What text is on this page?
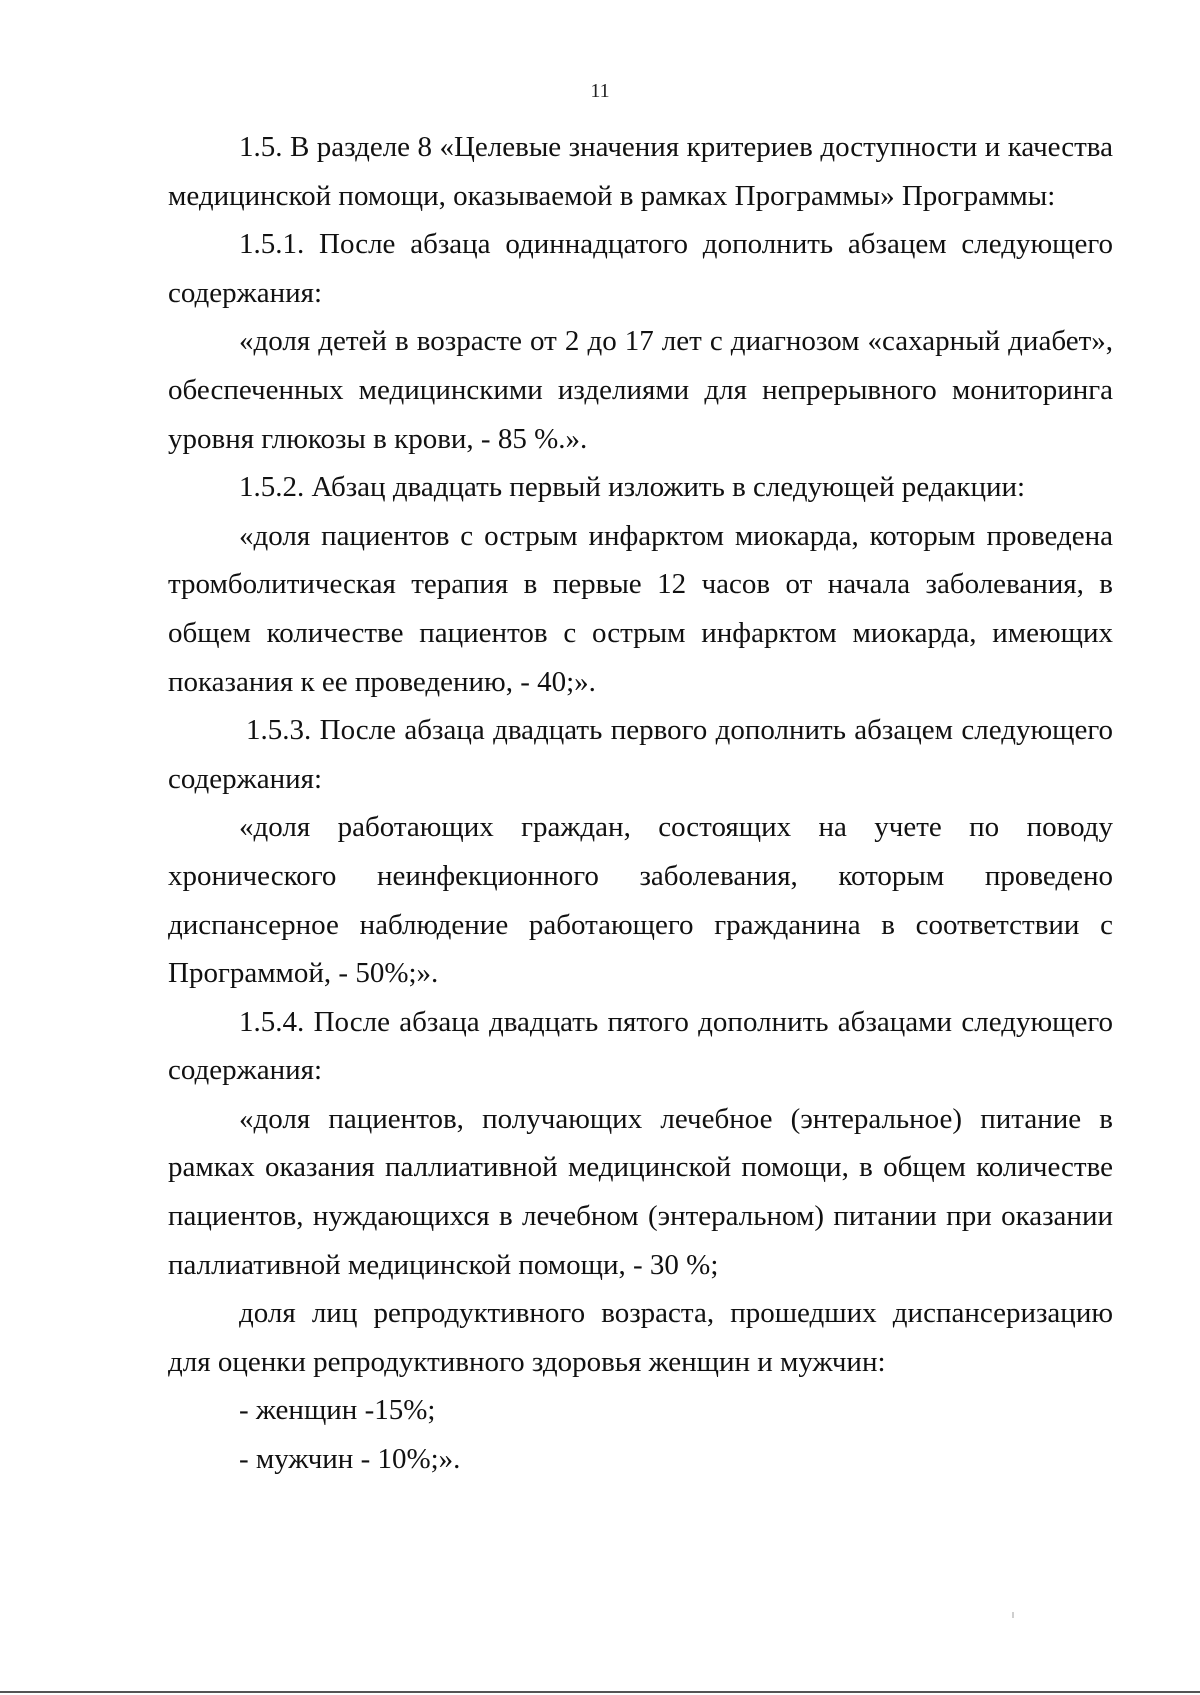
11

1.5. В разделе 8 «Целевые значения критериев доступности и качества медицинской помощи, оказываемой в рамках Программы» Программы:

1.5.1. После абзаца одиннадцатого дополнить абзацем следующего содержания:

«доля детей в возрасте от 2 до 17 лет с диагнозом «сахарный диабет», обеспеченных медицинскими изделиями для непрерывного мониторинга уровня глюкозы в крови, - 85 %.».

1.5.2. Абзац двадцать первый изложить в следующей редакции:

«доля пациентов с острым инфарктом миокарда, которым проведена тромболитическая терапия в первые 12 часов от начала заболевания, в общем количестве пациентов с острым инфарктом миокарда, имеющих показания к ее проведению, - 40;».

1.5.3. После абзаца двадцать первого дополнить абзацем следующего содержания:

«доля работающих граждан, состоящих на учете по поводу хронического неинфекционного заболевания, которым проведено диспансерное наблюдение работающего гражданина в соответствии с Программой, - 50%;».

1.5.4. После абзаца двадцать пятого дополнить абзацами следующего содержания:

«доля пациентов, получающих лечебное (энтеральное) питание в рамках оказания паллиативной медицинской помощи, в общем количестве пациентов, нуждающихся в лечебном (энтеральном) питании при оказании паллиативной медицинской помощи, - 30 %;

доля лиц репродуктивного возраста, прошедших диспансеризацию для оценки репродуктивного здоровья женщин и мужчин:

- женщин -15%;

- мужчин - 10%;».
